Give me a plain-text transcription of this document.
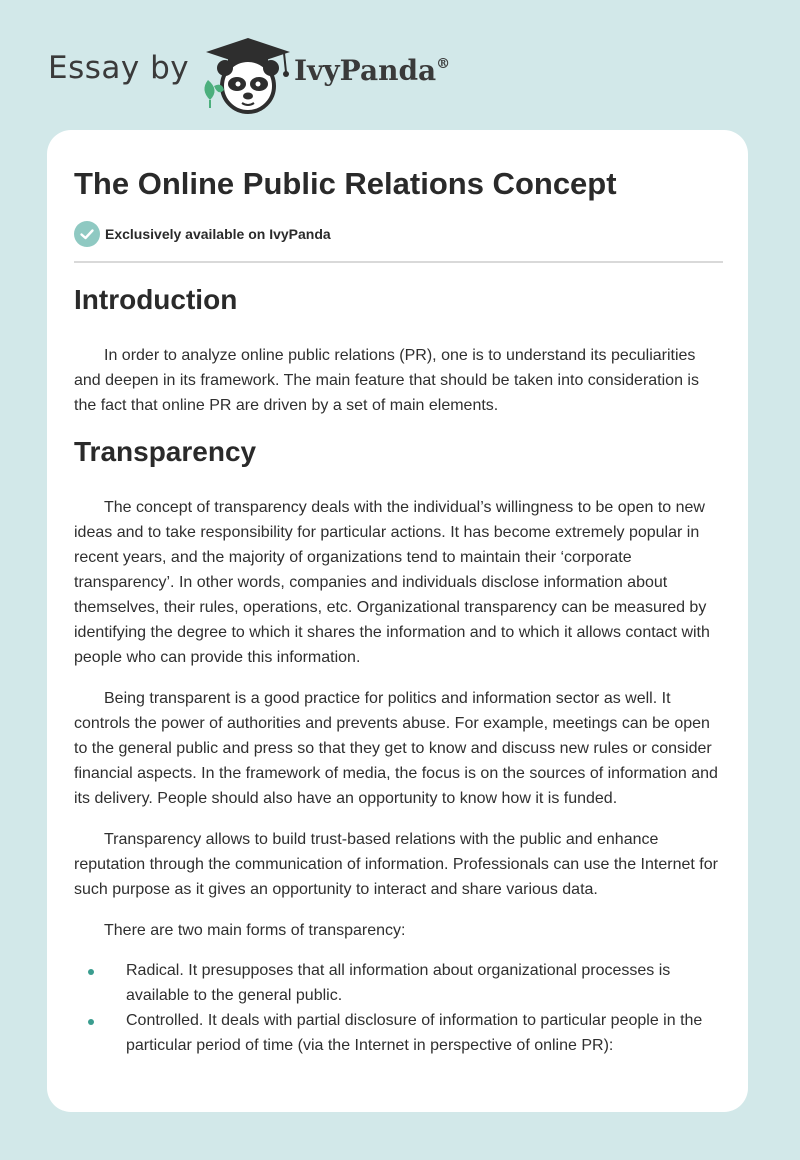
Essay by	IvyPanda®
The Online Public Relations Concept
Exclusively available on IvyPanda
Introduction

In order to analyze online public relations (PR), one is to understand its peculiarities and deepen in its framework. The main feature that should be taken into consideration is the fact that online PR are driven by a set of main elements.

Transparency

The concept of transparency deals with the individual’s willingness to be open to new ideas and to take responsibility for particular actions. It has become extremely popular in recent years, and the majority of organizations tend to maintain their ‘corporate transparency’. In other words, companies and individuals disclose information about themselves, their rules, operations, etc. Organizational transparency can be measured by identifying the degree to which it shares the information and to which it allows contact with people who can provide this information.

Being transparent is a good practice for politics and information sector as well. It controls the power of authorities and prevents abuse. For example, meetings can be open to the general public and press so that they get to know and discuss new rules or consider financial aspects. In the framework of media, the focus is on the sources of information and its delivery. People should also have an opportunity to know how it is funded.

Transparency allows to build trust-based relations with the public and enhance reputation through the communication of information. Professionals can use the Internet for such purpose as it gives an opportunity to interact and share various data.

There are two main forms of transparency:

Radical. It presupposes that all information about organizational processes is available to the general public.
Controlled. It deals with partial disclosure of information to particular people in the particular period of time (via the Internet in perspective of online PR):
